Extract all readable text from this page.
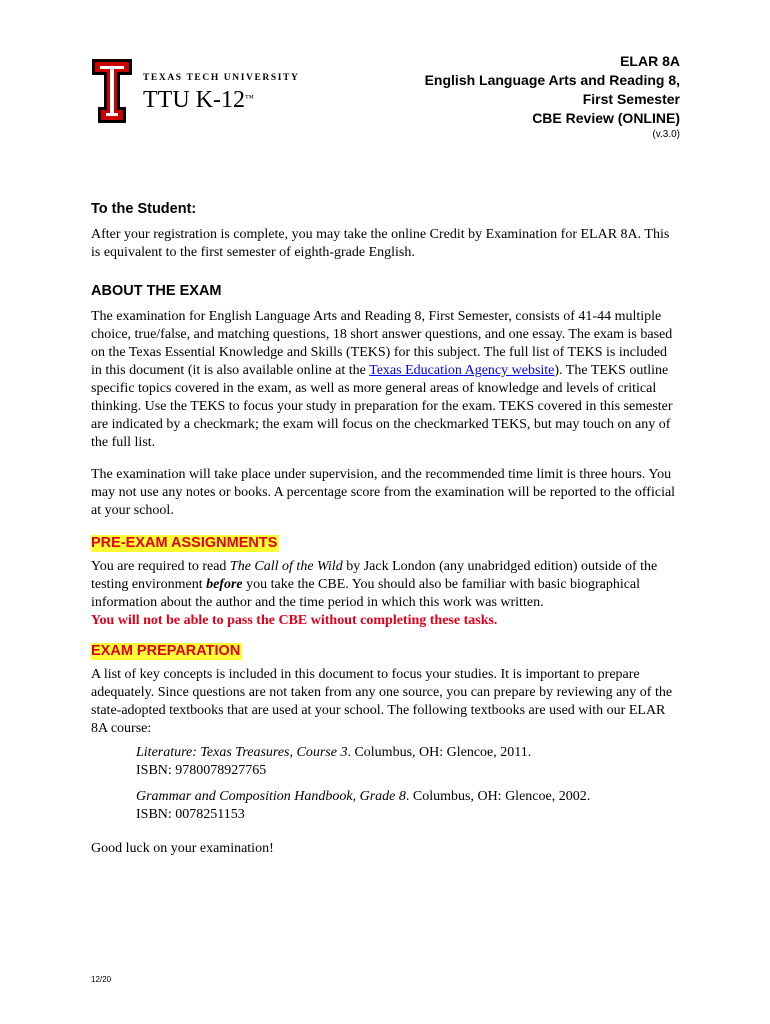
TEXAS TECH UNIVERSITY
TTU K-12™
ELAR 8A
English Language Arts and Reading 8,
First Semester
CBE Review (ONLINE)
(v.3.0)
To the Student:

After your registration is complete, you may take the online Credit by Examination for ELAR 8A. This is equivalent to the first semester of eighth-grade English.

ABOUT THE EXAM

The examination for English Language Arts and Reading 8, First Semester, consists of 41-44 multiple choice, true/false, and matching questions, 18 short answer questions, and one essay. The exam is based on the Texas Essential Knowledge and Skills (TEKS) for this subject. The full list of TEKS is included in this document (it is also available online at the Texas Education Agency website). The TEKS outline specific topics covered in the exam, as well as more general areas of knowledge and levels of critical thinking. Use the TEKS to focus your study in preparation for the exam. TEKS covered in this semester are indicated by a checkmark; the exam will focus on the checkmarked TEKS, but may touch on any of the full list.

The examination will take place under supervision, and the recommended time limit is three hours. You may not use any notes or books. A percentage score from the examination will be reported to the official at your school.

PRE-EXAM ASSIGNMENTS

You are required to read The Call of the Wild by Jack London (any unabridged edition) outside of the testing environment before you take the CBE. You should also be familiar with basic biographical information about the author and the time period in which this work was written.
You will not be able to pass the CBE without completing these tasks.

EXAM PREPARATION

A list of key concepts is included in this document to focus your studies. It is important to prepare adequately. Since questions are not taken from any one source, you can prepare by reviewing any of the state-adopted textbooks that are used at your school. The following textbooks are used with our ELAR 8A course:

Literature: Texas Treasures, Course 3. Columbus, OH: Glencoe, 2011.
ISBN: 9780078927765

Grammar and Composition Handbook, Grade 8. Columbus, OH: Glencoe, 2002.
ISBN: 0078251153

Good luck on your examination!

12/20
